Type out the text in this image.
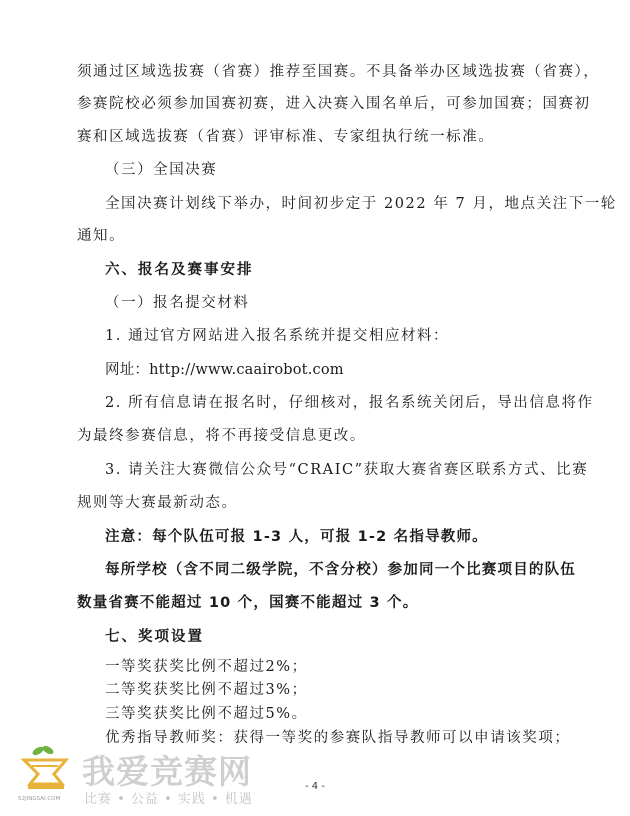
须通过区域选拔赛（省赛）推荐至国赛。不具备举办区域选拔赛（省赛），
参赛院校必须参加国赛初赛，进入决赛入围名单后，可参加国赛；国赛初
赛和区域选拔赛（省赛）评审标准、专家组执行统一标准。
（三）全国决赛
全国决赛计划线下举办，时间初步定于 2022 年 7 月，地点关注下一轮
通知。
六、报名及赛事安排
（一）报名提交材料
1. 通过官方网站进入报名系统并提交相应材料：
网址：http://www.caairobot.com
2. 所有信息请在报名时，仔细核对，报名系统关闭后，导出信息将作
为最终参赛信息，将不再接受信息更改。
3. 请关注大赛微信公众号“CRAIC”获取大赛省赛区联系方式、比赛
规则等大赛最新动态。
注意：每个队伍可报 1-3 人，可报 1-2 名指导教师。
每所学校（含不同二级学院，不含分校）参加同一个比赛项目的队伍
数量省赛不能超过 10 个，国赛不能超过 3 个。
七、奖项设置
一等奖获奖比例不超过2%；
二等奖获奖比例不超过3%；
三等奖获奖比例不超过5%。
优秀指导教师奖：获得一等奖的参赛队指导教师可以申请该奖项；
- 4 -
我爱竞赛网
比赛 • 公益 • 实践 • 机遇
52JINGSAI.COM
